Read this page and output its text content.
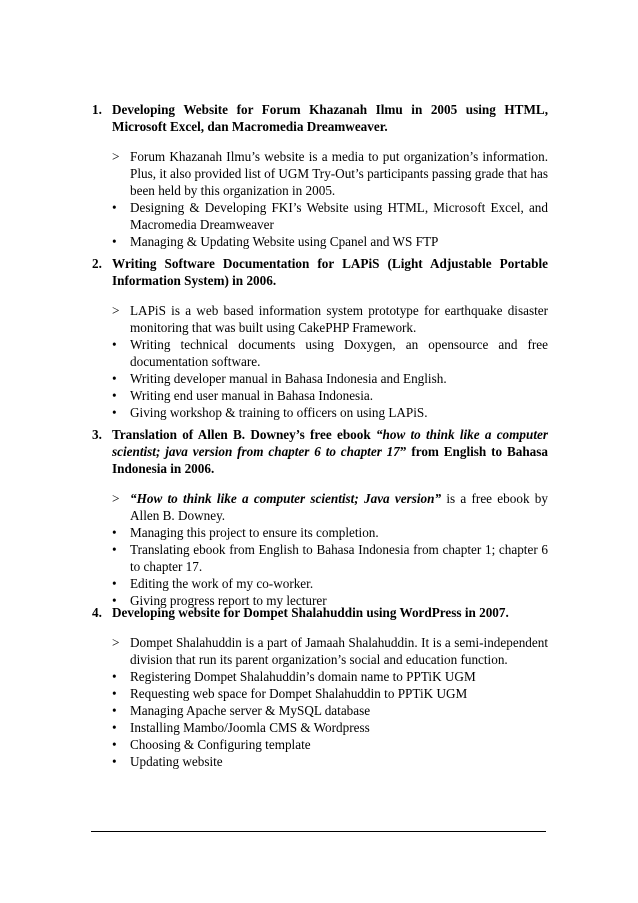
1. Developing Website for Forum Khazanah Ilmu in 2005 using HTML, Microsoft Excel, dan Macromedia Dreamweaver.
> Forum Khazanah Ilmu’s website is a media to put organization’s information. Plus, it also provided list of UGM Try-Out’s participants passing grade that has been held by this organization in 2005.
•	Designing & Developing FKI’s Website using HTML, Microsoft Excel, and Macromedia Dreamweaver
•	Managing & Updating Website using Cpanel and WS FTP
2. Writing Software Documentation for LAPiS (Light Adjustable Portable Information System) in 2006.
> LAPiS is a web based information system prototype for earthquake disaster monitoring that was built using CakePHP Framework.
•	Writing technical documents using Doxygen, an opensource and free documentation software.
•	Writing developer manual in Bahasa Indonesia and English.
•	Writing end user manual in Bahasa Indonesia.
•	Giving workshop & training to officers on using LAPiS.
3. Translation of Allen B. Downey’s free ebook “how to think like a computer scientist; java version from chapter 6 to chapter 17” from English to Bahasa Indonesia in 2006.
> “How to think like a computer scientist; Java version” is a free ebook by Allen B. Downey.
•	Managing this project to ensure its completion.
•	Translating ebook from English to Bahasa Indonesia from chapter 1; chapter 6 to chapter 17.
•	Editing the work of my co-worker.
•	Giving progress report to my lecturer
4. Developing website for Dompet Shalahuddin using WordPress in 2007.
> Dompet Shalahuddin is a part of Jamaah Shalahuddin. It is a semi-independent division that run its parent organization’s social and education function.
•	Registering Dompet Shalahuddin’s domain name to PPTiK UGM
•	Requesting web space for Dompet Shalahuddin to PPTiK UGM
•	Managing Apache server & MySQL database
•	Installing Mambo/Joomla CMS & Wordpress
•	Choosing & Configuring template
•	Updating website
